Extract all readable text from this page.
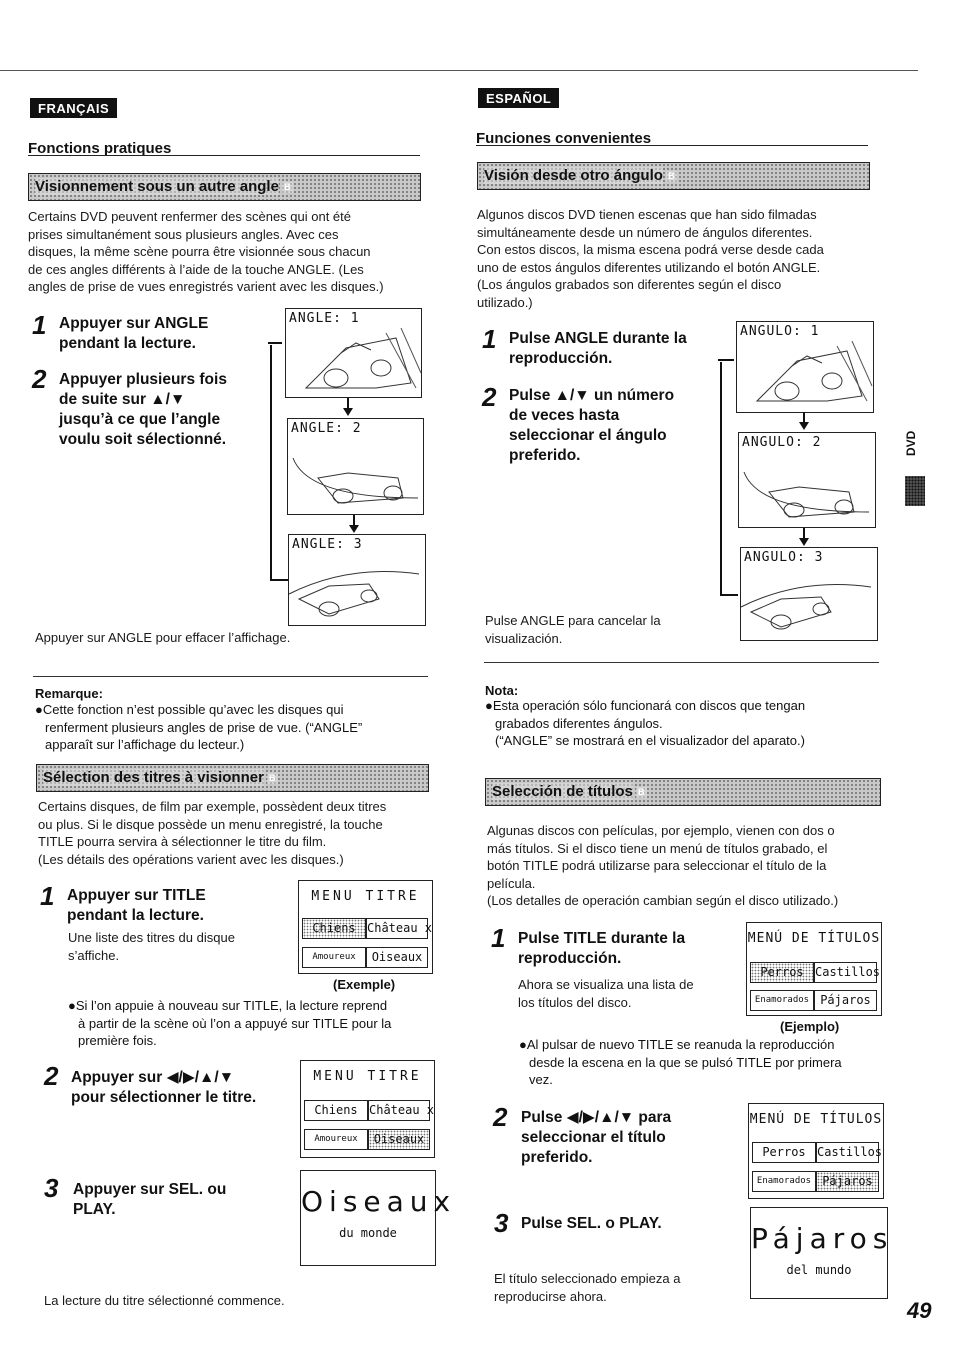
FRANÇAIS
Fonctions pratiques
Visionnement sous un autre angle B
Certains DVD peuvent renfermer des scènes qui ont été
prises simultanément sous plusieurs angles. Avec ces
disques, la même scène pourra être visionnée sous chacun
de ces angles différents à l’aide de la touche ANGLE. (Les
angles de prise de vues enregistrés varient avec les disques.)
1 Appuyer sur ANGLE
pendant la lecture.
2 Appuyer plusieurs fois
de suite sur ▲/▼
jusqu’à ce que l’angle
voulu soit sélectionné.
ANGLE: 1
ANGLE: 2
ANGLE: 3
Appuyer sur ANGLE pour effacer l’affichage.
Remarque:
●Cette fonction n’est possible qu’avec les disques qui
renferment plusieurs angles de prise de vue. (“ANGLE”
apparaît sur l’affichage du lecteur.)
Sélection des titres à visionner B
Certains disques, de film par exemple, possèdent deux titres
ou plus. Si le disque possède un menu enregistré, la touche
TITLE pourra servira à sélectionner le titre du film.
(Les détails des opérations varient avec les disques.)
1 Appuyer sur TITLE
pendant la lecture.
Une liste des titres du disque
s’affiche.
MENU TITRE
Chiens Château x
Amoureux	Oiseaux
(Exemple)
●Si l’on appuie à nouveau sur TITLE, la lecture reprend
à partir de la scène où l’on a appuyé sur TITLE pour la
première fois.
2 Appuyer sur ◀/▶/▲/▼
pour sélectionner le titre.
MENU TITRE
Chiens Château x
Amoureux	Oiseaux
3 Appuyer sur SEL. ou
PLAY.	Oiseaux
du monde
La lecture du titre sélectionné commence.
ESPAÑOL
Funciones convenientes
Visión desde otro ángulo B
Algunos discos DVD tienen escenas que han sido filmadas
simultáneamente desde un número de ángulos diferentes.
Con estos discos, la misma escena podrá verse desde cada
uno de estos ángulos diferentes utilizando el botón ANGLE.
(Los ángulos grabados son diferentes según el disco
utilizado.)
1 Pulse ANGLE durante la
reproducción.
2 Pulse ▲/▼ un número
de veces hasta
seleccionar el ángulo
preferido.
ANGULO: 1
ANGULO: 2
ANGULO: 3
Pulse ANGLE para cancelar la
visualización.
Nota:
●Esta operación sólo funcionará con discos que tengan
grabados diferentes ángulos.
(“ANGLE” se mostrará en el visualizador del aparato.)
Selección de títulos B
Algunas discos con películas, por ejemplo, vienen con dos o
más títulos. Si el disco tiene un menú de títulos grabado, el
botón TITLE podrá utilizarse para seleccionar el título de la
película.
(Los detalles de operación cambian según el disco utilizado.)
1 Pulse TITLE durante la
reproducción.
Ahora se visualiza una lista de
los títulos del disco.
MENÚ DE TÍTULOS
Perros Castillos
Enamorados Pájaros
(Ejemplo)
●Al pulsar de nuevo TITLE se reanuda la reproducción
desde la escena en la que se pulsó TITLE por primera
vez.
2 Pulse ◀/▶/▲/▼ para
seleccionar el título
preferido.
MENÚ DE TÍTULOS
Perros Castillos
Enamorados Pájaros
3 Pulse SEL. o PLAY.	Pájaros
del mundo
El título seleccionado empieza a
reproducirse ahora.
DVD
49
